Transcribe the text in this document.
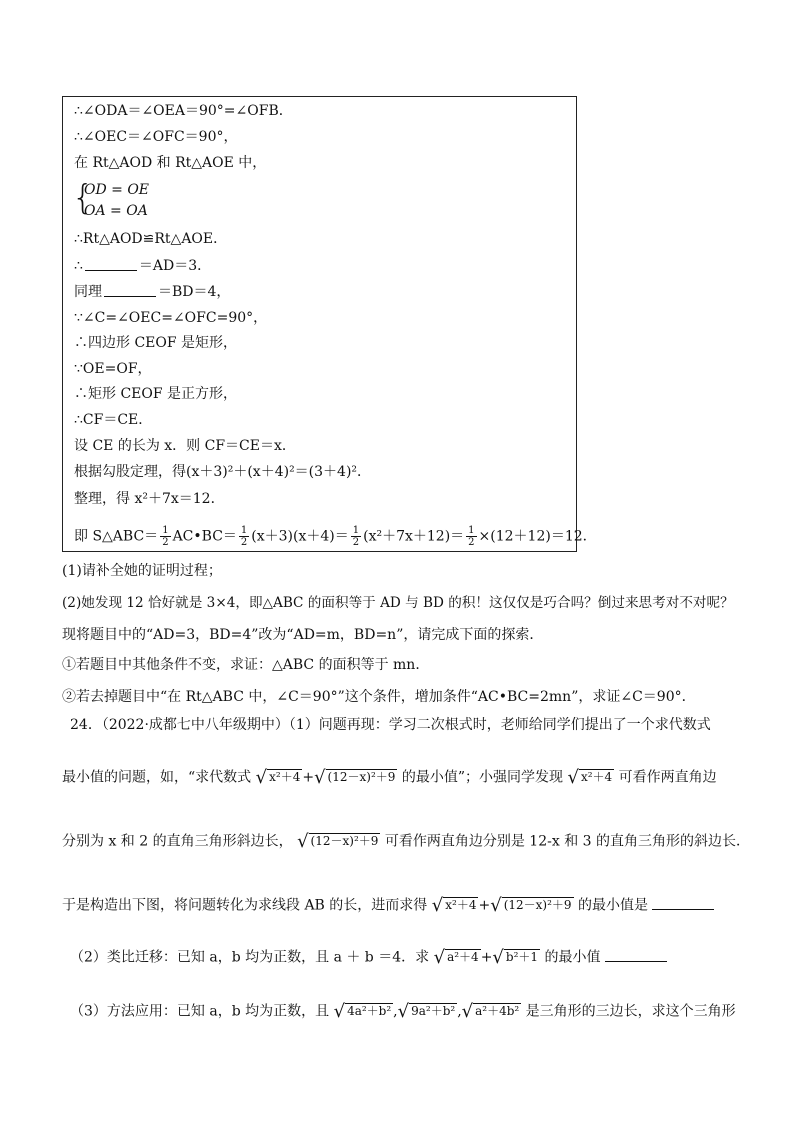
∴∠ODA＝∠OEA＝90°=∠OFB．
∴∠OEC＝∠OFC＝90°，
在 Rt△AOD 和 Rt△AOE 中，
{
OD = OE
OA = OA
∴Rt△AOD≌Rt△AOE．
∴	＝AD＝3．
同理	＝BD＝4，
∵∠C=∠OEC=∠OFC=90°，
∴四边形 CEOF 是矩形，
∵OE=OF，
∴矩形 CEOF 是正方形，
∴CF＝CE．
设 CE 的长为 x．则 CF＝CE＝x．
根据勾股定理，得(x＋3)²＋(x＋4)²＝(3＋4)²．
整理，得 x²＋7x＝12．
即 S△ABC＝ $\frac{1}{2}$ AC•BC＝ $\frac{1}{2} (x+3)(x+4)= \frac{1}{2} (x^2+7x+12)= \frac{1}{2} \times(12+12)=12$．
(1)请补全她的证明过程；
(2)她发现 12 恰好就是 3×4，即△ABC 的面积等于 AD 与 BD 的积！这仅仅是巧合吗？倒过来思考对不对呢？
现将题目中的“AD=3，BD=4”改为“AD=m，BD=n”，请完成下面的探索．
①若题目中其他条件不变，求证：△ABC 的面积等于 mn．
②若去掉题目中“在 Rt△ABC 中，∠C＝90°”这个条件，增加条件“AC•BC=2mn”，求证∠C＝90°．
24．（2022·成都七中八年级期中）（1）问题再现：学习二次根式时，老师给同学们提出了一个求代数式
最小值的问题，如，“求代数式 √ x²＋4 +√ (12－x)²＋9 的最小值”；小强同学发现 √ x²＋4 可看作两直角边
分别为 x 和 2 的直角三角形斜边长， √ (12－x)²＋9 可看作两直角边分别是 12-x 和 3 的直角三角形的斜边长．
于是构造出下图，将问题转化为求线段 AB 的长，进而求得 √ x²＋4 +√ (12－x)²＋9 的最小值是
（2）类比迁移：已知 a，b 均为正数，且 a ＋ b ＝4．求 √ a²＋4 +√ b²＋1 的最小值
（3）方法应用：已知 a，b 均为正数，且 √ 4a²＋b² ,√ 9a²＋b² ,√ a²＋4b² 是三角形的三边长，求这个三角形
